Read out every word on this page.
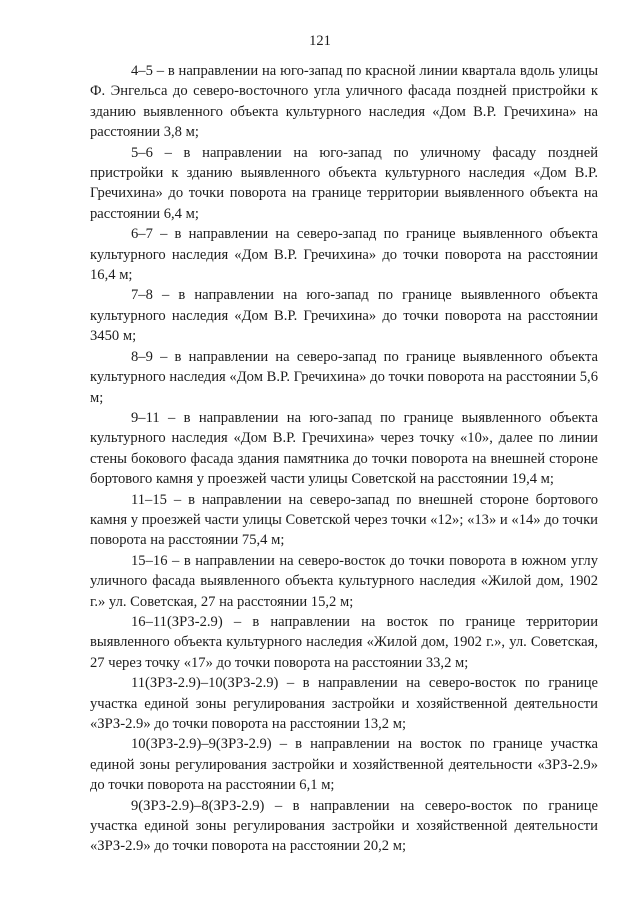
121

4–5 – в направлении на юго-запад по красной линии квартала вдоль улицы Ф. Энгельса до северо-восточного угла уличного фасада поздней пристройки к зданию выявленного объекта культурного наследия «Дом В.Р. Гречихина» на расстоянии 3,8 м;

5–6 – в направлении на юго-запад по уличному фасаду поздней пристройки к зданию выявленного объекта культурного наследия «Дом В.Р. Гречихина» до точки поворота на границе территории выявленного объекта на расстоянии 6,4 м;

6–7 – в направлении на северо-запад по границе выявленного объекта культурного наследия «Дом В.Р. Гречихина» до точки поворота на расстоянии 16,4 м;

7–8 – в направлении на юго-запад по границе выявленного объекта культурного наследия «Дом В.Р. Гречихина» до точки поворота на расстоянии 3450 м;

8–9 – в направлении на северо-запад по границе выявленного объекта культурного наследия «Дом В.Р. Гречихина» до точки поворота на расстоянии 5,6 м;

9–11 – в направлении на юго-запад по границе выявленного объекта культурного наследия «Дом В.Р. Гречихина» через точку «10», далее по линии стены бокового фасада здания памятника до точки поворота на внешней стороне бортового камня у проезжей части улицы Советской на расстоянии 19,4 м;

11–15 – в направлении на северо-запад по внешней стороне бортового камня у проезжей части улицы Советской через точки «12»; «13» и «14» до точки поворота на расстоянии 75,4 м;

15–16 – в направлении на северо-восток до точки поворота в южном углу уличного фасада выявленного объекта культурного наследия «Жилой дом, 1902 г.» ул. Советская, 27 на расстоянии 15,2 м;

16–11(ЗРЗ-2.9) – в направлении на восток по границе территории выявленного объекта культурного наследия «Жилой дом, 1902 г.», ул. Советская, 27 через точку «17» до точки поворота на расстоянии 33,2 м;

11(ЗРЗ-2.9)–10(ЗРЗ-2.9) – в направлении на северо-восток по границе участка единой зоны регулирования застройки и хозяйственной деятельности «ЗРЗ-2.9» до точки поворота на расстоянии 13,2 м;

10(ЗРЗ-2.9)–9(ЗРЗ-2.9) – в направлении на восток по границе участка единой зоны регулирования застройки и хозяйственной деятельности «ЗРЗ-2.9» до точки поворота на расстоянии 6,1 м;

9(ЗРЗ-2.9)–8(ЗРЗ-2.9) – в направлении на северо-восток по границе участка единой зоны регулирования застройки и хозяйственной деятельности «ЗРЗ-2.9» до точки поворота на расстоянии 20,2 м;
